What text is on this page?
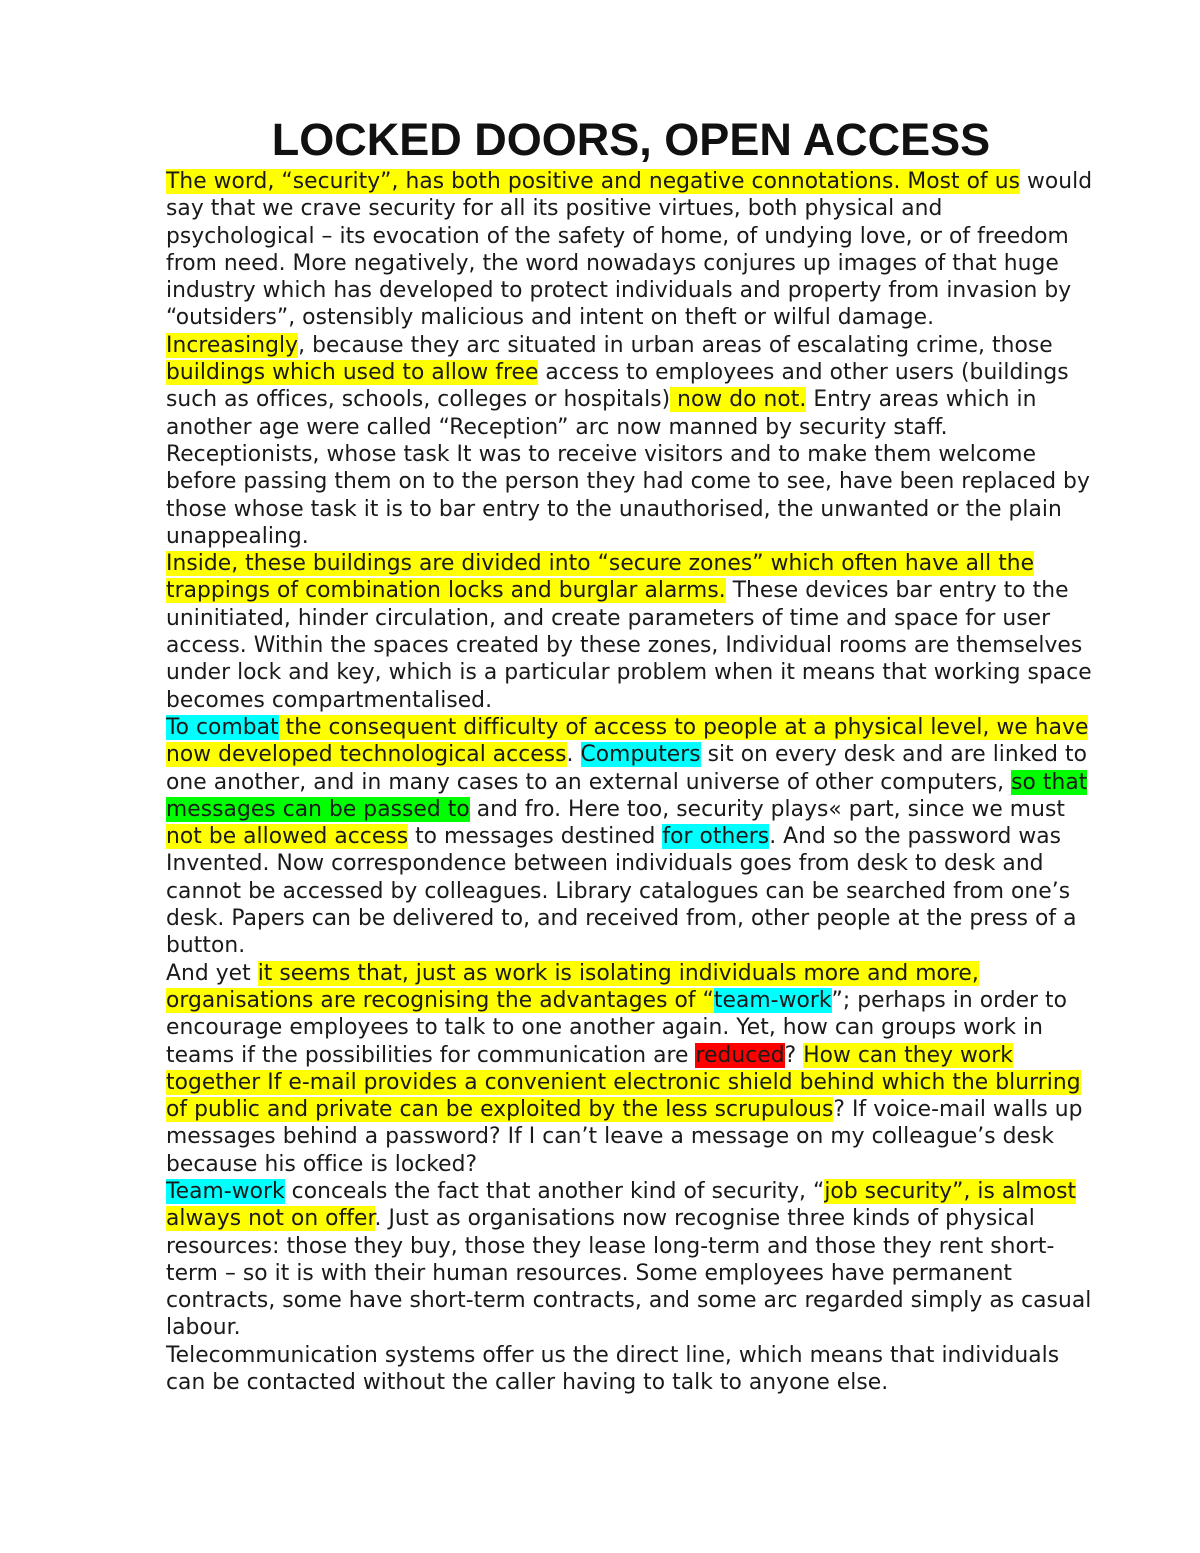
LOCKED DOORS, OPEN ACCESS

The word, “security”, has both positive and negative connotations. Most of us would say that we crave security for all its positive virtues, both physical and psychological – its evocation of the safety of home, of undying love, or of freedom from need. More negatively, the word nowadays conjures up images of that huge industry which has developed to protect individuals and property from invasion by “outsiders”, ostensibly malicious and intent on theft or wilful damage.

Increasingly, because they arc situated in urban areas of escalating crime, those buildings which used to allow free access to employees and other users (buildings such as offices, schools, colleges or hospitals) now do not. Entry areas which in another age were called “Reception” arc now manned by security staff. Receptionists, whose task It was to receive visitors and to make them welcome before passing them on to the person they had come to see, have been replaced by those whose task it is to bar entry to the unauthorised, the unwanted or the plain unappealing.

Inside, these buildings are divided into “secure zones” which often have all the trappings of combination locks and burglar alarms. These devices bar entry to the uninitiated, hinder circulation, and create parameters of time and space for user access. Within the spaces created by these zones, Individual rooms are themselves under lock and key, which is a particular problem when it means that working space becomes compartmentalised.

To combat the consequent difficulty of access to people at a physical level, we have now developed technological access. Computers sit on every desk and are linked to one another, and in many cases to an external universe of other computers, so that messages can be passed to and fro. Here too, security plays« part, since we must not be allowed access to messages destined for others. And so the password was Invented. Now correspondence between individuals goes from desk to desk and cannot be accessed by colleagues. Library catalogues can be searched from one’s desk. Papers can be delivered to, and received from, other people at the press of a button.

And yet it seems that, just as work is isolating individuals more and more, organisations are recognising the advantages of “team-work”; perhaps in order to encourage employees to talk to one another again. Yet, how can groups work in teams if the possibilities for communication are reduced? How can they work together If e-mail provides a convenient electronic shield behind which the blurring of public and private can be exploited by the less scrupulous? If voice-mail walls up messages behind a password? If I can’t leave a message on my colleague’s desk because his office is locked?

Team-work conceals the fact that another kind of security, “job security”, is almost always not on offer. Just as organisations now recognise three kinds of physical resources: those they buy, those they lease long-term and those they rent short-term – so it is with their human resources. Some employees have permanent contracts, some have short-term contracts, and some arc regarded simply as casual labour.

Telecommunication systems offer us the direct line, which means that individuals can be contacted without the caller having to talk to anyone else.
